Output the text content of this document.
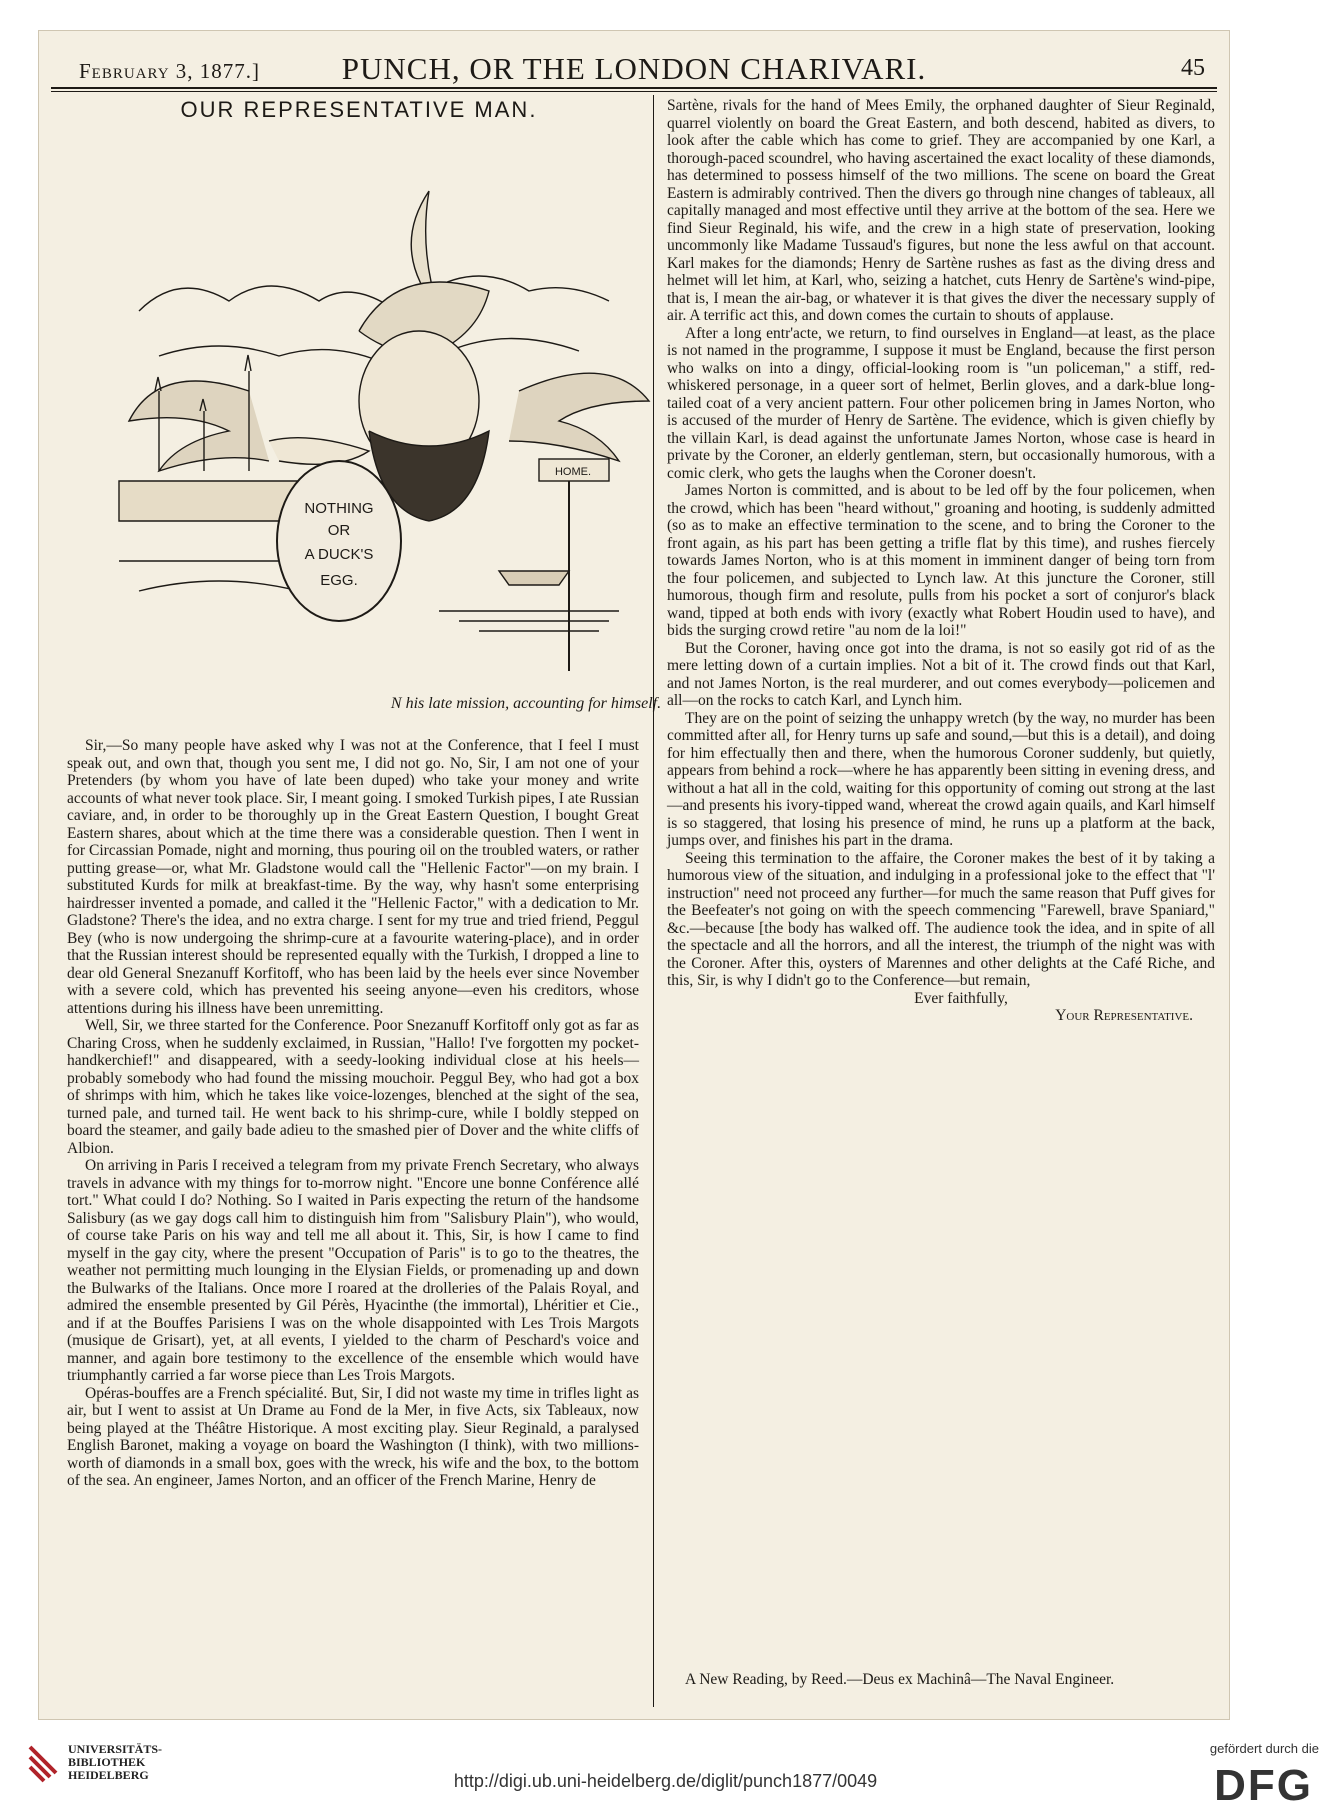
February 3, 1877.]	PUNCH, OR THE LONDON CHARIVARI.	45
OUR REPRESENTATIVE MAN.
HOME.
NOTHING
OR
A DUCK'S
EGG.
N his late mission, accounting for himself.

Sir,—So many people have asked why I was not at the Conference, that I feel I must speak out, and own that, though you sent me, I did not go. No, Sir, I am not one of your Pretenders (by whom you have of late been duped) who take your money and write accounts of what never took place. Sir, I meant going. I smoked Turkish pipes, I ate Russian caviare, and, in order to be thoroughly up in the Great Eastern Question, I bought Great Eastern shares, about which at the time there was a considerable question. Then I went in for Circassian Pomade, night and morning, thus pouring oil on the troubled waters, or rather putting grease—or, what Mr. Gladstone would call the "Hellenic Factor"—on my brain. I substituted Kurds for milk at breakfast-time. By the way, why hasn't some enterprising hairdresser invented a pomade, and called it the "Hellenic Factor," with a dedication to Mr. Gladstone? There's the idea, and no extra charge. I sent for my true and tried friend, Peggul Bey (who is now undergoing the shrimp-cure at a favourite watering-place), and in order that the Russian interest should be represented equally with the Turkish, I dropped a line to dear old General Snezanuff Korfitoff, who has been laid by the heels ever since November with a severe cold, which has prevented his seeing anyone—even his creditors, whose attentions during his illness have been unremitting.

Well, Sir, we three started for the Conference. Poor Snezanuff Korfitoff only got as far as Charing Cross, when he suddenly exclaimed, in Russian, "Hallo! I've forgotten my pocket-handkerchief!" and disappeared, with a seedy-looking individual close at his heels—probably somebody who had found the missing mouchoir. Peggul Bey, who had got a box of shrimps with him, which he takes like voice-lozenges, blenched at the sight of the sea, turned pale, and turned tail. He went back to his shrimp-cure, while I boldly stepped on board the steamer, and gaily bade adieu to the smashed pier of Dover and the white cliffs of Albion.

On arriving in Paris I received a telegram from my private French Secretary, who always travels in advance with my things for to-morrow night. "Encore une bonne Conférence allé tort." What could I do? Nothing. So I waited in Paris expecting the return of the handsome Salisbury (as we gay dogs call him to distinguish him from "Salisbury Plain"), who would, of course take Paris on his way and tell me all about it. This, Sir, is how I came to find myself in the gay city, where the present "Occupation of Paris" is to go to the theatres, the weather not permitting much lounging in the Elysian Fields, or promenading up and down the Bulwarks of the Italians. Once more I roared at the drolleries of the Palais Royal, and admired the ensemble presented by Gil Pérès, Hyacinthe (the immortal), Lhéritier et Cie., and if at the Bouffes Parisiens I was on the whole disappointed with Les Trois Margots (musique de Grisart), yet, at all events, I yielded to the charm of Peschard's voice and manner, and again bore testimony to the excellence of the ensemble which would have triumphantly carried a far worse piece than Les Trois Margots.

Opéras-bouffes are a French spécialité. But, Sir, I did not waste my time in trifles light as air, but I went to assist at Un Drame au Fond de la Mer, in five Acts, six Tableaux, now being played at the Théâtre Historique. A most exciting play. Sieur Reginald, a paralysed English Baronet, making a voyage on board the Washington (I think), with two millions-worth of diamonds in a small box, goes with the wreck, his wife and the box, to the bottom of the sea. An engineer, James Norton, and an officer of the French Marine, Henry de

Sartène, rivals for the hand of Mees Emily, the orphaned daughter of Sieur Reginald, quarrel violently on board the Great Eastern, and both descend, habited as divers, to look after the cable which has come to grief. They are accompanied by one Karl, a thorough-paced scoundrel, who having ascertained the exact locality of these diamonds, has determined to possess himself of the two millions. The scene on board the Great Eastern is admirably contrived. Then the divers go through nine changes of tableaux, all capitally managed and most effective until they arrive at the bottom of the sea. Here we find Sieur Reginald, his wife, and the crew in a high state of preservation, looking uncommonly like Madame Tussaud's figures, but none the less awful on that account. Karl makes for the diamonds; Henry de Sartène rushes as fast as the diving dress and helmet will let him, at Karl, who, seizing a hatchet, cuts Henry de Sartène's wind-pipe, that is, I mean the air-bag, or whatever it is that gives the diver the necessary supply of air. A terrific act this, and down comes the curtain to shouts of applause.

After a long entr'acte, we return, to find ourselves in England—at least, as the place is not named in the programme, I suppose it must be England, because the first person who walks on into a dingy, official-looking room is "un policeman," a stiff, red-whiskered personage, in a queer sort of helmet, Berlin gloves, and a dark-blue long-tailed coat of a very ancient pattern. Four other policemen bring in James Norton, who is accused of the murder of Henry de Sartène. The evidence, which is given chiefly by the villain Karl, is dead against the unfortunate James Norton, whose case is heard in private by the Coroner, an elderly gentleman, stern, but occasionally humorous, with a comic clerk, who gets the laughs when the Coroner doesn't.

James Norton is committed, and is about to be led off by the four policemen, when the crowd, which has been "heard without," groaning and hooting, is suddenly admitted (so as to make an effective termination to the scene, and to bring the Coroner to the front again, as his part has been getting a trifle flat by this time), and rushes fiercely towards James Norton, who is at this moment in imminent danger of being torn from the four policemen, and subjected to Lynch law. At this juncture the Coroner, still humorous, though firm and resolute, pulls from his pocket a sort of conjuror's black wand, tipped at both ends with ivory (exactly what Robert Houdin used to have), and bids the surging crowd retire "au nom de la loi!"

But the Coroner, having once got into the drama, is not so easily got rid of as the mere letting down of a curtain implies. Not a bit of it. The crowd finds out that Karl, and not James Norton, is the real murderer, and out comes everybody—policemen and all—on the rocks to catch Karl, and Lynch him.

They are on the point of seizing the unhappy wretch (by the way, no murder has been committed after all, for Henry turns up safe and sound,—but this is a detail), and doing for him effectually then and there, when the humorous Coroner suddenly, but quietly, appears from behind a rock—where he has apparently been sitting in evening dress, and without a hat all in the cold, waiting for this opportunity of coming out strong at the last—and presents his ivory-tipped wand, whereat the crowd again quails, and Karl himself is so staggered, that losing his presence of mind, he runs up a platform at the back, jumps over, and finishes his part in the drama.

Seeing this termination to the affaire, the Coroner makes the best of it by taking a humorous view of the situation, and indulging in a professional joke to the effect that "l' instruction" need not proceed any further—for much the same reason that Puff gives for the Beefeater's not going on with the speech commencing "Farewell, brave Spaniard," &c.—because [the body has walked off. The audience took the idea, and in spite of all the spectacle and all the horrors, and all the interest, the triumph of the night was with the Coroner. After this, oysters of Marennes and other delights at the Café Riche, and this, Sir, is why I didn't go to the Conference—but remain,

Ever faithfully,

Your Representative.

A New Reading, by Reed.—Deus ex Machinâ—The Naval Engineer.

UNIVERSITÄTS-
BIBLIOTHEK
HEIDELBERG	http://digi.ub.uni-heidelberg.de/diglit/punch1877/0049
gefördert durch die
DFG
